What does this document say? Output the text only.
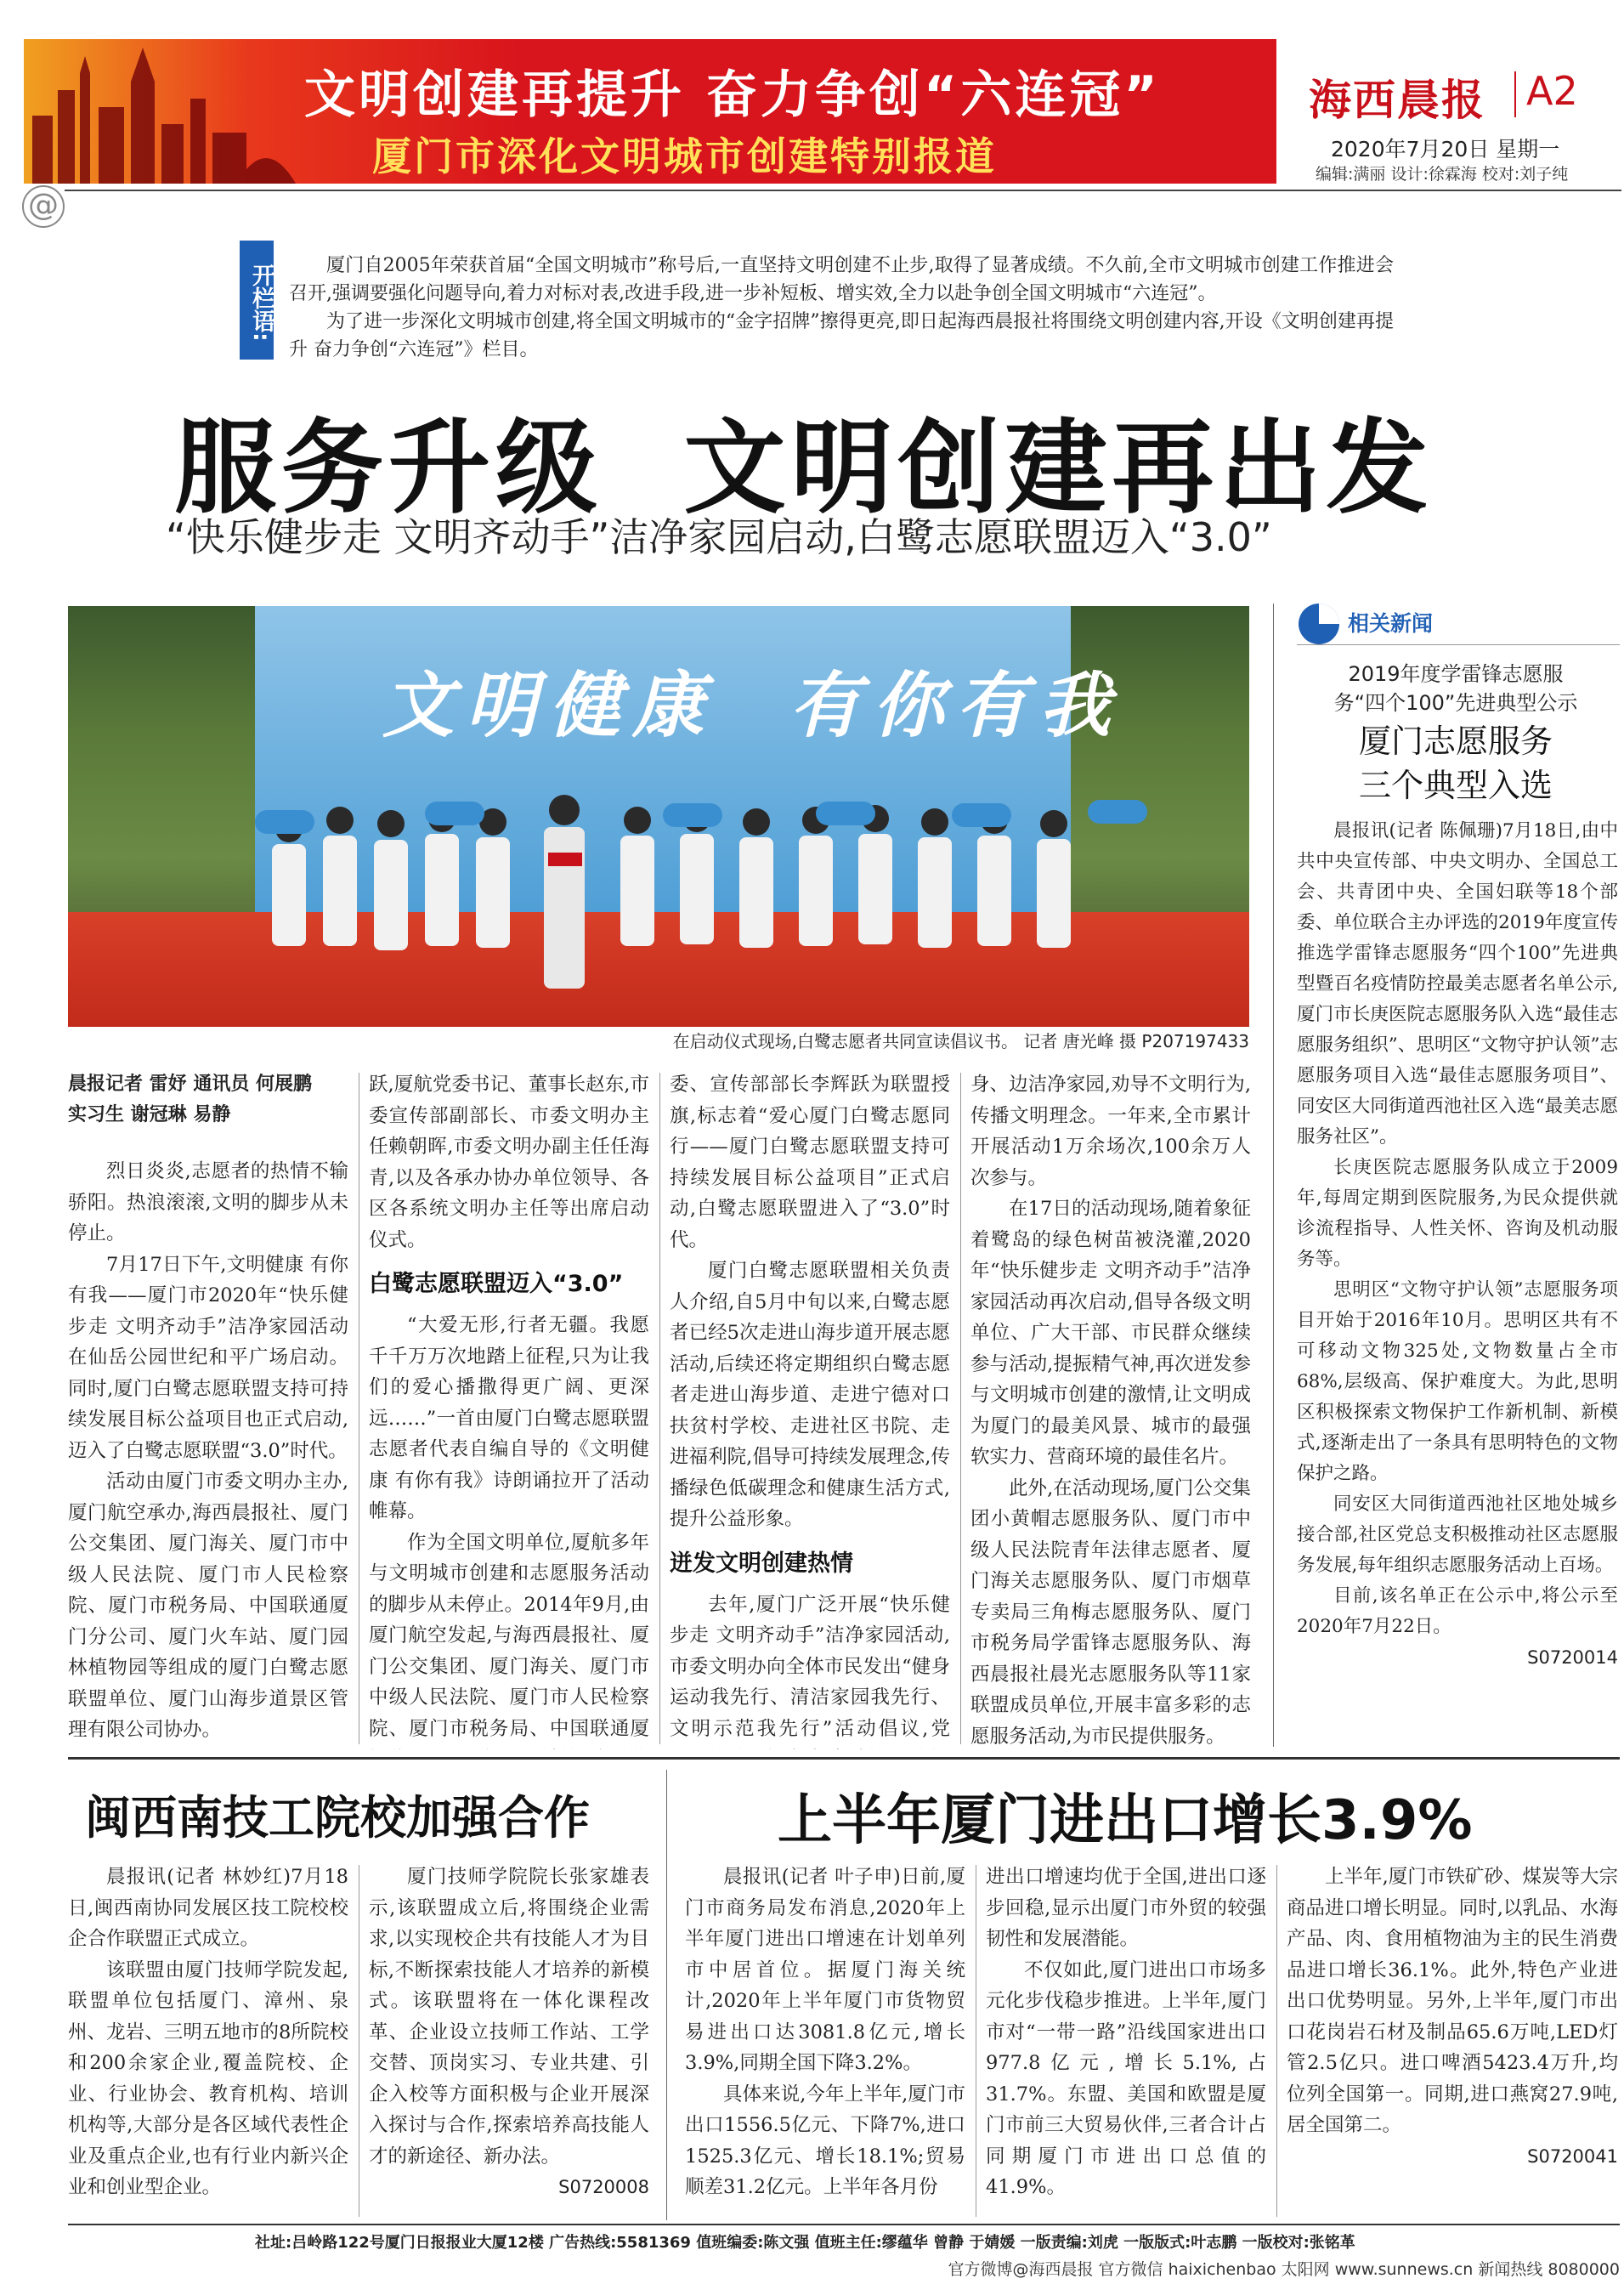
文明创建再提升 奋力争创“六连冠”
厦门市深化文明城市创建特别报道
海西晨报 A2
2020年7月20日 星期一
编辑:满丽 设计:徐霖海 校对:刘子纯
@
开栏语:	厦门自2005年荣获首届“全国文明城市”称号后,一直坚持文明创建不止步,取得了显著成绩。不久前,全市文明城市创建工作推进会召开,强调要强化问题导向,着力对标对表,改进手段,进一步补短板、增实效,全力以赴争创全国文明城市“六连冠”。

为了进一步深化文明城市创建,将全国文明城市的“金字招牌”擦得更亮,即日起海西晨报社将围绕文明创建内容,开设《文明创建再提升 奋力争创“六连冠”》栏目。

服务升级  文明创建再出发
“快乐健步走 文明齐动手”洁净家园启动,白鹭志愿联盟迈入“3.0”
文明健康  有你有我
在启动仪式现场,白鹭志愿者共同宣读倡议书。 记者 唐光峰 摄 P207197433
晨报记者 雷妤 通讯员 何展鹏
实习生 谢冠琳 易静

烈日炎炎,志愿者的热情不输骄阳。热浪滚滚,文明的脚步从未停止。

7月17日下午,文明健康 有你有我——厦门市2020年“快乐健步走 文明齐动手”洁净家园活动在仙岳公园世纪和平广场启动。同时,厦门白鹭志愿联盟支持可持续发展目标公益项目也正式启动,迈入了白鹭志愿联盟“3.0”时代。

活动由厦门市委文明办主办,厦门航空承办,海西晨报社、厦门公交集团、厦门海关、厦门市中级人民法院、厦门市人民检察院、厦门市税务局、中国联通厦门分公司、厦门火车站、厦门园林植物园等组成的厦门白鹭志愿联盟单位、厦门山海步道景区管理有限公司协办。

跃,厦航党委书记、董事长赵东,市委宣传部副部长、市委文明办主任赖朝晖,市委文明办副主任任海青,以及各承办协办单位领导、各区各系统文明办主任等出席启动仪式。

白鹭志愿联盟迈入“3.0”

“大爱无形,行者无疆。我愿千千万万次地踏上征程,只为让我们的爱心播撒得更广阔、更深远……”一首由厦门白鹭志愿联盟志愿者代表自编自导的《文明健康 有你有我》诗朗诵拉开了活动帷幕。

作为全国文明单位,厦航多年与文明城市创建和志愿服务活动的脚步从未停止。2014年9月,由厦门航空发起,与海西晨报社、厦门公交集团、厦门海关、厦门市中级人民法院、厦门市人民检察院、厦门市税务局、中国联通厦

委、宣传部部长李辉跃为联盟授旗,标志着“爱心厦门白鹭志愿同行——厦门白鹭志愿联盟支持可持续发展目标公益项目”正式启动,白鹭志愿联盟进入了“3.0”时代。

厦门白鹭志愿联盟相关负责人介绍,自5月中旬以来,白鹭志愿者已经5次走进山海步道开展志愿活动,后续还将定期组织白鹭志愿者走进山海步道、走进宁德对口扶贫村学校、走进社区书院、走进福利院,倡导可持续发展理念,传播绿色低碳理念和健康生活方式,提升公益形象。

迸发文明创建热情

去年,厦门广泛开展“快乐健步走 文明齐动手”洁净家园活动,市委文明办向全体市民发出“健身运动我先行、清洁家园我先行、文明示范我先行”活动倡议,党

身、边洁净家园,劝导不文明行为,传播文明理念。一年来,全市累计开展活动1万余场次,100余万人次参与。

在17日的活动现场,随着象征着鹭岛的绿色树苗被浇灌,2020年“快乐健步走 文明齐动手”洁净家园活动再次启动,倡导各级文明单位、广大干部、市民群众继续参与活动,提振精气神,再次迸发参与文明城市创建的激情,让文明成为厦门的最美风景、城市的最强软实力、营商环境的最佳名片。

此外,在活动现场,厦门公交集团小黄帽志愿服务队、厦门市中级人民法院青年法律志愿者、厦门海关志愿服务队、厦门市烟草专卖局三角梅志愿服务队、厦门市税务局学雷锋志愿服务队、海西晨报社晨光志愿服务队等11家联盟成员单位,开展丰富多彩的志愿服务活动,为市民提供服务。

相关新闻
2019年度学雷锋志愿服
务“四个100”先进典型公示
厦门志愿服务
三个典型入选

晨报讯(记者 陈佩珊)7月18日,由中共中央宣传部、中央文明办、全国总工会、共青团中央、全国妇联等18个部委、单位联合主办评选的2019年度宣传推选学雷锋志愿服务“四个100”先进典型暨百名疫情防控最美志愿者名单公示,厦门市长庚医院志愿服务队入选“最佳志愿服务组织”、思明区“文物守护认领”志愿服务项目入选“最佳志愿服务项目”、同安区大同街道西池社区入选“最美志愿服务社区”。

长庚医院志愿服务队成立于2009年,每周定期到医院服务,为民众提供就诊流程指导、人性关怀、咨询及机动服务等。

思明区“文物守护认领”志愿服务项目开始于2016年10月。思明区共有不可移动文物325处,文物数量占全市68%,层级高、保护难度大。为此,思明区积极探索文物保护工作新机制、新模式,逐渐走出了一条具有思明特色的文物保护之路。

同安区大同街道西池社区地处城乡接合部,社区党总支积极推动社区志愿服务发展,每年组织志愿服务活动上百场。

目前,该名单正在公示中,将公示至2020年7月22日。

S0720014
闽西南技工院校加强合作

晨报讯(记者 林妙红)7月18日,闽西南协同发展区技工院校校企合作联盟正式成立。

该联盟由厦门技师学院发起,联盟单位包括厦门、漳州、泉州、龙岩、三明五地市的8所院校和200余家企业,覆盖院校、企业、行业协会、教育机构、培训机构等,大部分是各区域代表性企业及重点企业,也有行业内新兴企业和创业型企业。

厦门技师学院院长张家雄表示,该联盟成立后,将围绕企业需求,以实现校企共有技能人才为目标,不断探索技能人才培养的新模式。该联盟将在一体化课程改革、企业设立技师工作站、工学交替、顶岗实习、专业共建、引企入校等方面积极与企业开展深入探讨与合作,探索培养高技能人才的新途径、新办法。

S0720008
上半年厦门进出口增长3.9%

晨报讯(记者 叶子申)日前,厦门市商务局发布消息,2020年上半年厦门进出口增速在计划单列市中居首位。据厦门海关统计,2020年上半年厦门市货物贸易进出口达3081.8亿元,增长3.9%,同期全国下降3.2%。

具体来说,今年上半年,厦门市出口1556.5亿元、下降7%,进口1525.3亿元、增长18.1%;贸易顺差31.2亿元。上半年各月份

进出口增速均优于全国,进出口逐步回稳,显示出厦门市外贸的较强韧性和发展潜能。

不仅如此,厦门进出口市场多元化步伐稳步推进。上半年,厦门市对“一带一路”沿线国家进出口977.8亿元,增长5.1%,占31.7%。东盟、美国和欧盟是厦门市前三大贸易伙伴,三者合计占同期厦门市进出口总值的41.9%。

上半年,厦门市铁矿砂、煤炭等大宗商品进口增长明显。同时,以乳品、水海产品、肉、食用植物油为主的民生消费品进口增长36.1%。此外,特色产业进出口优势明显。另外,上半年,厦门市出口花岗岩石材及制品65.6万吨,LED灯管2.5亿只。进口啤酒5423.4万升,均位列全国第一。同期,进口燕窝27.9吨,居全国第二。

S0720041
社址:吕岭路122号厦门日报报业大厦12楼 广告热线:5581369 值班编委:陈文强 值班主任:缪蕴华 曾静 于婧媛 一版责编:刘虎 一版版式:叶志鹏 一版校对:张铭革
官方微博@海西晨报 官方微信 haixichenbao 太阳网 www.sunnews.cn 新闻热线 8080000
